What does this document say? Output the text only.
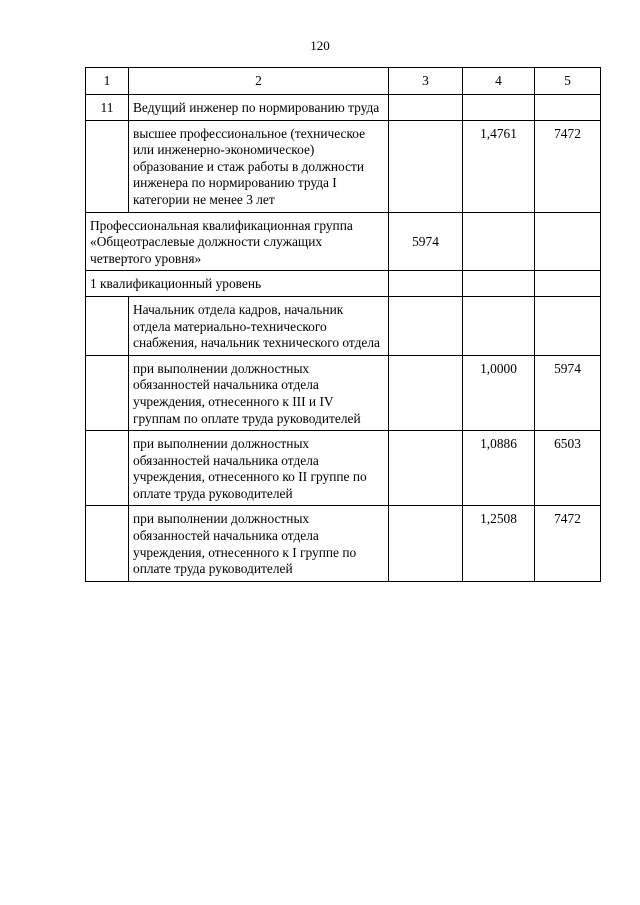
120
1	2	3	4	5
11	Ведущий инженер по нормированию труда			
	высшее профессиональное (техническое или инженерно-экономическое) образование и стаж работы в должности инженера по нормированию труда I категории не менее 3 лет		1,4761	7472
Профессиональная квалификационная группа «Общеотраслевые должности служащих четвертого уровня»		5974		
1 квалификационный уровень				
	Начальник отдела кадров, начальник отдела материально-технического снабжения, начальник технического отдела			
	при выполнении должностных обязанностей начальника отдела учреждения, отнесенного к III и IV группам по оплате труда руководителей		1,0000	5974
	при выполнении должностных обязанностей начальника отдела учреждения, отнесенного ко II группе по оплате труда руководителей		1,0886	6503
	при выполнении должностных обязанностей начальника отдела учреждения, отнесенного к I группе по оплате труда руководителей		1,2508	7472
